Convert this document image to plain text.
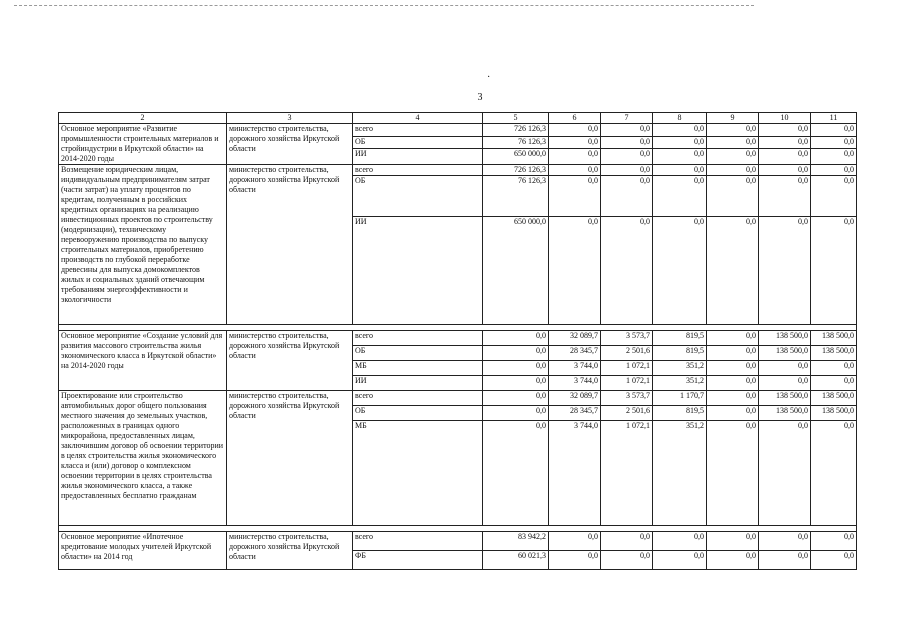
·
3
2	3	4	5	6	7	8	9	10	11
Основное мероприятие «Развитие промышленности строительных материалов и стройиндустрии в Иркутской области» на 2014-2020 годы	министерство строительства, дорожного хозяйства Иркутской области	всего	726 126,3	0,0	0,0	0,0	0,0	0,0	0,0
		ОБ	76 126,3	0,0	0,0	0,0	0,0	0,0	0,0
		ИИ	650 000,0	0,0	0,0	0,0	0,0	0,0	0,0
Возмещение юридическим лицам, индивидуальным предпринимателям затрат (части затрат) на уплату процентов по кредитам, полученным в российских кредитных организациях на реализацию инвестиционных проектов по строительству (модернизации), техническому перевооружению производства по выпуску строительных материалов, приобретению производств по глубокой переработке древесины для выпуска домокомплектов жилых и социальных зданий отвечающим требованиям энергоэффективности и экологичности	министерство строительства, дорожного хозяйства Иркутской области	всего	726 126,3	0,0	0,0	0,0	0,0	0,0	0,0
		ОБ	76 126,3	0,0	0,0	0,0	0,0	0,0	0,0
		ИИ	650 000,0	0,0	0,0	0,0	0,0	0,0	0,0

Основное мероприятие «Создание условий для развития массового строительства жилья экономического класса в Иркутской области» на 2014-2020 годы	министерство строительства, дорожного хозяйства Иркутской области	всего	0,0	32 089,7	3 573,7	819,5	0,0	138 500,0	138 500,0
		ОБ	0,0	28 345,7	2 501,6	819,5	0,0	138 500,0	138 500,0
		МБ	0,0	3 744,0	1 072,1	351,2	0,0	0,0	0,0
		ИИ	0,0	3 744,0	1 072,1	351,2	0,0	0,0	0,0
Проектирование или строительство автомобильных дорог общего пользования местного значения до земельных участков, расположенных в границах одного микрорайона, предоставленных лицам, заключившим договор об освоении территории в целях строительства жилья экономического класса и (или) договор о комплексном освоении территории в целях строительства жилья экономического класса, а также предоставленных бесплатно гражданам	министерство строительства, дорожного хозяйства Иркутской области	всего	0,0	32 089,7	3 573,7	1 170,7	0,0	138 500,0	138 500,0
		ОБ	0,0	28 345,7	2 501,6	819,5	0,0	138 500,0	138 500,0
		МБ	0,0	3 744,0	1 072,1	351,2	0,0	0,0	0,0

Основное мероприятие «Ипотечное кредитование молодых учителей Иркутской области» на 2014 год	министерство строительства, дорожного хозяйства Иркутской области	всего	83 942,2	0,0	0,0	0,0	0,0	0,0	0,0
		ФБ	60 021,3	0,0	0,0	0,0	0,0	0,0	0,0
